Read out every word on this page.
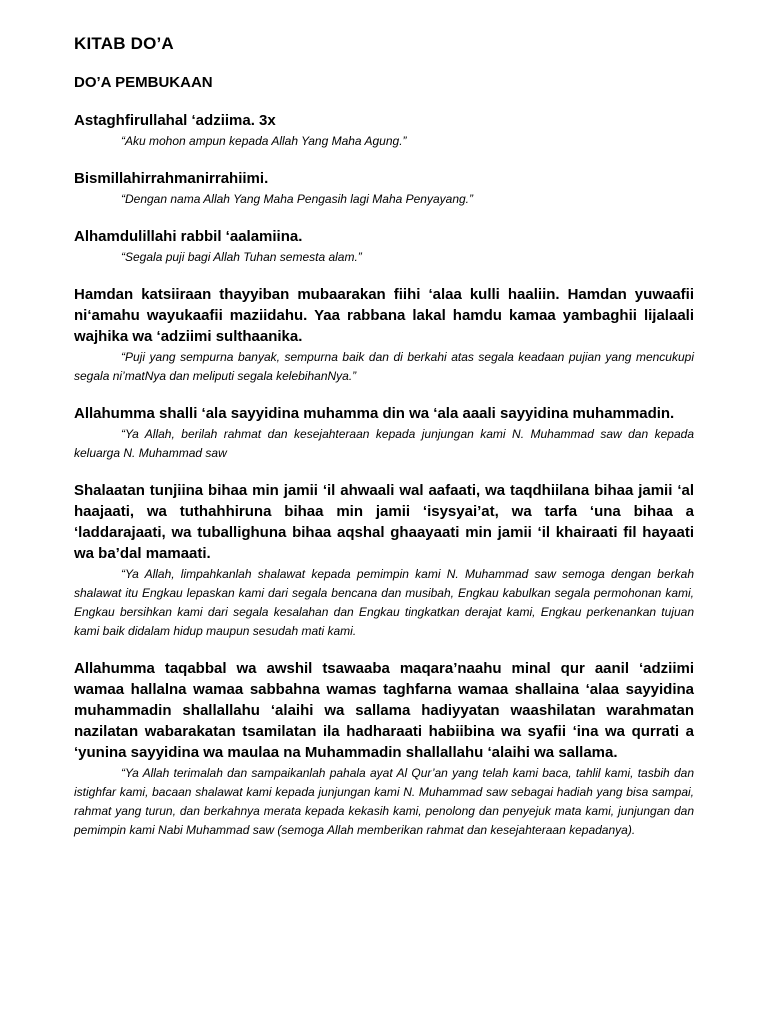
KITAB DO’A
DO’A PEMBUKAAN

Astaghfirullahal ‘adziima. 3x

“Aku mohon ampun kepada Allah Yang Maha Agung.”

Bismillahirrahmanirrahiimi.

“Dengan nama Allah Yang Maha Pengasih lagi Maha Penyayang.”

Alhamdulillahi rabbil ‘aalamiina.

“Segala puji bagi Allah Tuhan semesta alam.”

Hamdan katsiiraan thayyiban mubaarakan fiihi ‘alaa kulli haaliin. Hamdan yuwaafii ni‘amahu wayukaafii maziidahu. Yaa rabbana lakal hamdu kamaa yambaghii lijalaali wajhika wa ‘adziimi sulthaanika.

“Puji yang sempurna banyak, sempurna baik dan di berkahi atas segala keadaan pujian yang mencukupi segala ni’matNya dan meliputi segala kelebihanNya.”

Allahumma shalli ‘ala sayyidina muhamma din wa ‘ala aaali sayyidina muhammadin.

“Ya Allah, berilah rahmat dan kesejahteraan kepada junjungan kami N. Muhammad saw dan kepada keluarga N. Muhammad saw

Shalaatan tunjiina bihaa min jamii ‘il ahwaali wal aafaati, wa taqdhiilana bihaa jamii ‘al haajaati, wa tuthahhiruna bihaa min jamii ‘isysyai’at, wa tarfa ‘una bihaa a ‘laddarajaati, wa tuballighuna bihaa aqshal ghaayaati min jamii ‘il khairaati fil hayaati wa ba’dal mamaati.

“Ya Allah, limpahkanlah shalawat kepada pemimpin kami N. Muhammad saw semoga dengan berkah shalawat itu Engkau lepaskan kami dari segala bencana dan musibah, Engkau kabulkan segala permohonan kami, Engkau bersihkan kami dari segala kesalahan dan Engkau tingkatkan derajat kami, Engkau perkenankan tujuan kami baik didalam hidup maupun sesudah mati kami.

Allahumma taqabbal wa awshil tsawaaba maqara’naahu minal qur aanil ‘adziimi wamaa hallalna wamaa sabbahna wamas taghfarna wamaa shallaina ‘alaa sayyidina muhammadin shallallahu ‘alaihi wa sallama hadiyyatan waashilatan warahmatan nazilatan wabarakatan tsamilatan ila hadharaati habiibina wa syafii ‘ina wa qurrati a ‘yunina sayyidina wa maulaa na Muhammadin shallallahu ‘alaihi wa sallama.

“Ya Allah terimalah dan sampaikanlah pahala ayat Al Qur’an yang telah kami baca, tahlil kami, tasbih dan istighfar kami, bacaan shalawat kami kepada junjungan kami N. Muhammad saw sebagai hadiah yang bisa sampai, rahmat yang turun, dan berkahnya merata kepada kekasih kami, penolong dan penyejuk mata kami, junjungan dan pemimpin kami Nabi Muhammad saw (semoga Allah memberikan rahmat dan kesejahteraan kepadanya).
